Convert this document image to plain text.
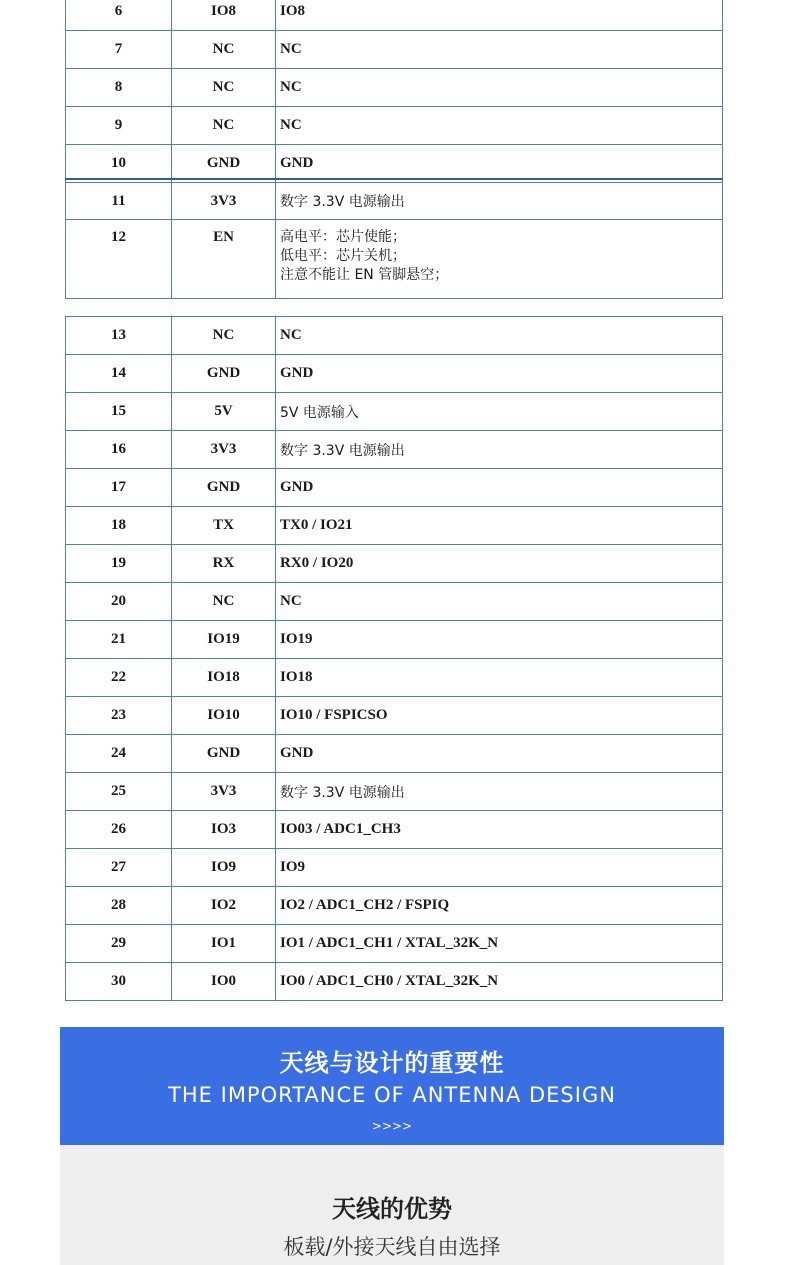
6	IO8	IO8
7	NC	NC
8	NC	NC
9	NC	NC
10	GND	GND
11	3V3	数字 3.3V 电源输出
12	EN	高电平：芯片使能；
低电平：芯片关机；
注意不能让 EN 管脚悬空；
13	NC	NC
14	GND	GND
15	5V	5V 电源输入
16	3V3	数字 3.3V 电源输出
17	GND	GND
18	TX	TX0 / IO21
19	RX	RX0 / IO20
20	NC	NC
21	IO19	IO19
22	IO18	IO18
23	IO10	IO10 / FSPICSO
24	GND	GND
25	3V3	数字 3.3V 电源输出
26	IO3	IO03 / ADC1_CH3
27	IO9	IO9
28	IO2	IO2 / ADC1_CH2 / FSPIQ
29	IO1	IO1 / ADC1_CH1 / XTAL_32K_N
30	IO0	IO0 / ADC1_CH0 / XTAL_32K_N
天线与设计的重要性
THE IMPORTANCE OF ANTENNA DESIGN
>>>>
天线的优势
板载/外接天线自由选择
